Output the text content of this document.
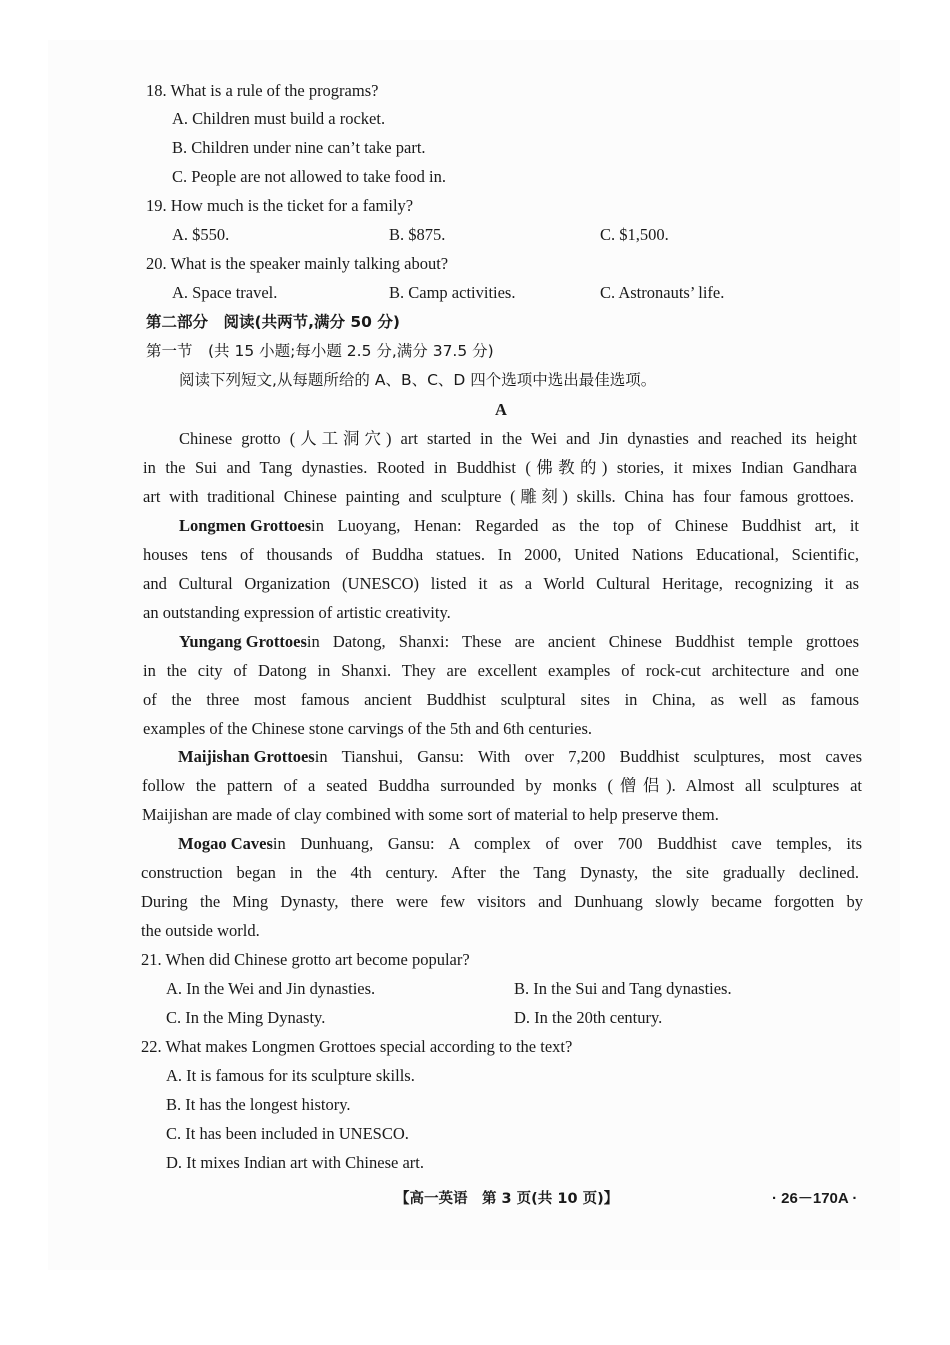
18. What is a rule of the programs?
A. Children must build a rocket.
B. Children under nine can’t take part.
C. People are not allowed to take food in.
19. How much is the ticket for a family?
A. $550.	B. $875.	C. $1,500.
20. What is the speaker mainly talking about?
A. Space travel.	B. Camp activities.	C. Astronauts’ life.
第二部分　阅读(共两节,满分 50 分)
第一节　(共 15 小题;每小题 2.5 分,满分 37.5 分)
阅读下列短文,从每题所给的 A、B、C、D 四个选项中选出最佳选项。
A
Chinese grotto (人工洞穴) art started in the Wei and Jin dynasties and reached its height
in the Sui and Tang dynasties. Rooted in Buddhist (佛教的) stories, it mixes Indian Gandhara
art with traditional Chinese painting and sculpture (雕刻) skills. China has four famous grottoes.
Longmen Grottoes in Luoyang, Henan: Regarded as the top of Chinese Buddhist art, it
houses tens of thousands of Buddha statues. In 2000, United Nations Educational, Scientific,
and Cultural Organization (UNESCO) listed it as a World Cultural Heritage, recognizing it as
an outstanding expression of artistic creativity.
Yungang Grottoes in Datong, Shanxi: These are ancient Chinese Buddhist temple grottoes
in the city of Datong in Shanxi. They are excellent examples of rock-cut architecture and one
of the three most famous ancient Buddhist sculptural sites in China, as well as famous
examples of the Chinese stone carvings of the 5th and 6th centuries.
Maijishan Grottoes in Tianshui, Gansu: With over 7,200 Buddhist sculptures, most caves
follow the pattern of a seated Buddha surrounded by monks (僧侣). Almost all sculptures at
Maijishan are made of clay combined with some sort of material to help preserve them.
Mogao Caves in Dunhuang, Gansu: A complex of over 700 Buddhist cave temples, its
construction began in the 4th century. After the Tang Dynasty, the site gradually declined.
During the Ming Dynasty, there were few visitors and Dunhuang slowly became forgotten by
the outside world.
21. When did Chinese grotto art become popular?
A. In the Wei and Jin dynasties.	B. In the Sui and Tang dynasties.
C. In the Ming Dynasty.	D. In the 20th century.
22. What makes Longmen Grottoes special according to the text?
A. It is famous for its sculpture skills.
B. It has the longest history.
C. It has been included in UNESCO.
D. It mixes Indian art with Chinese art.
【高一英语　第 3 页(共 10 页)】	· 26－170A ·
